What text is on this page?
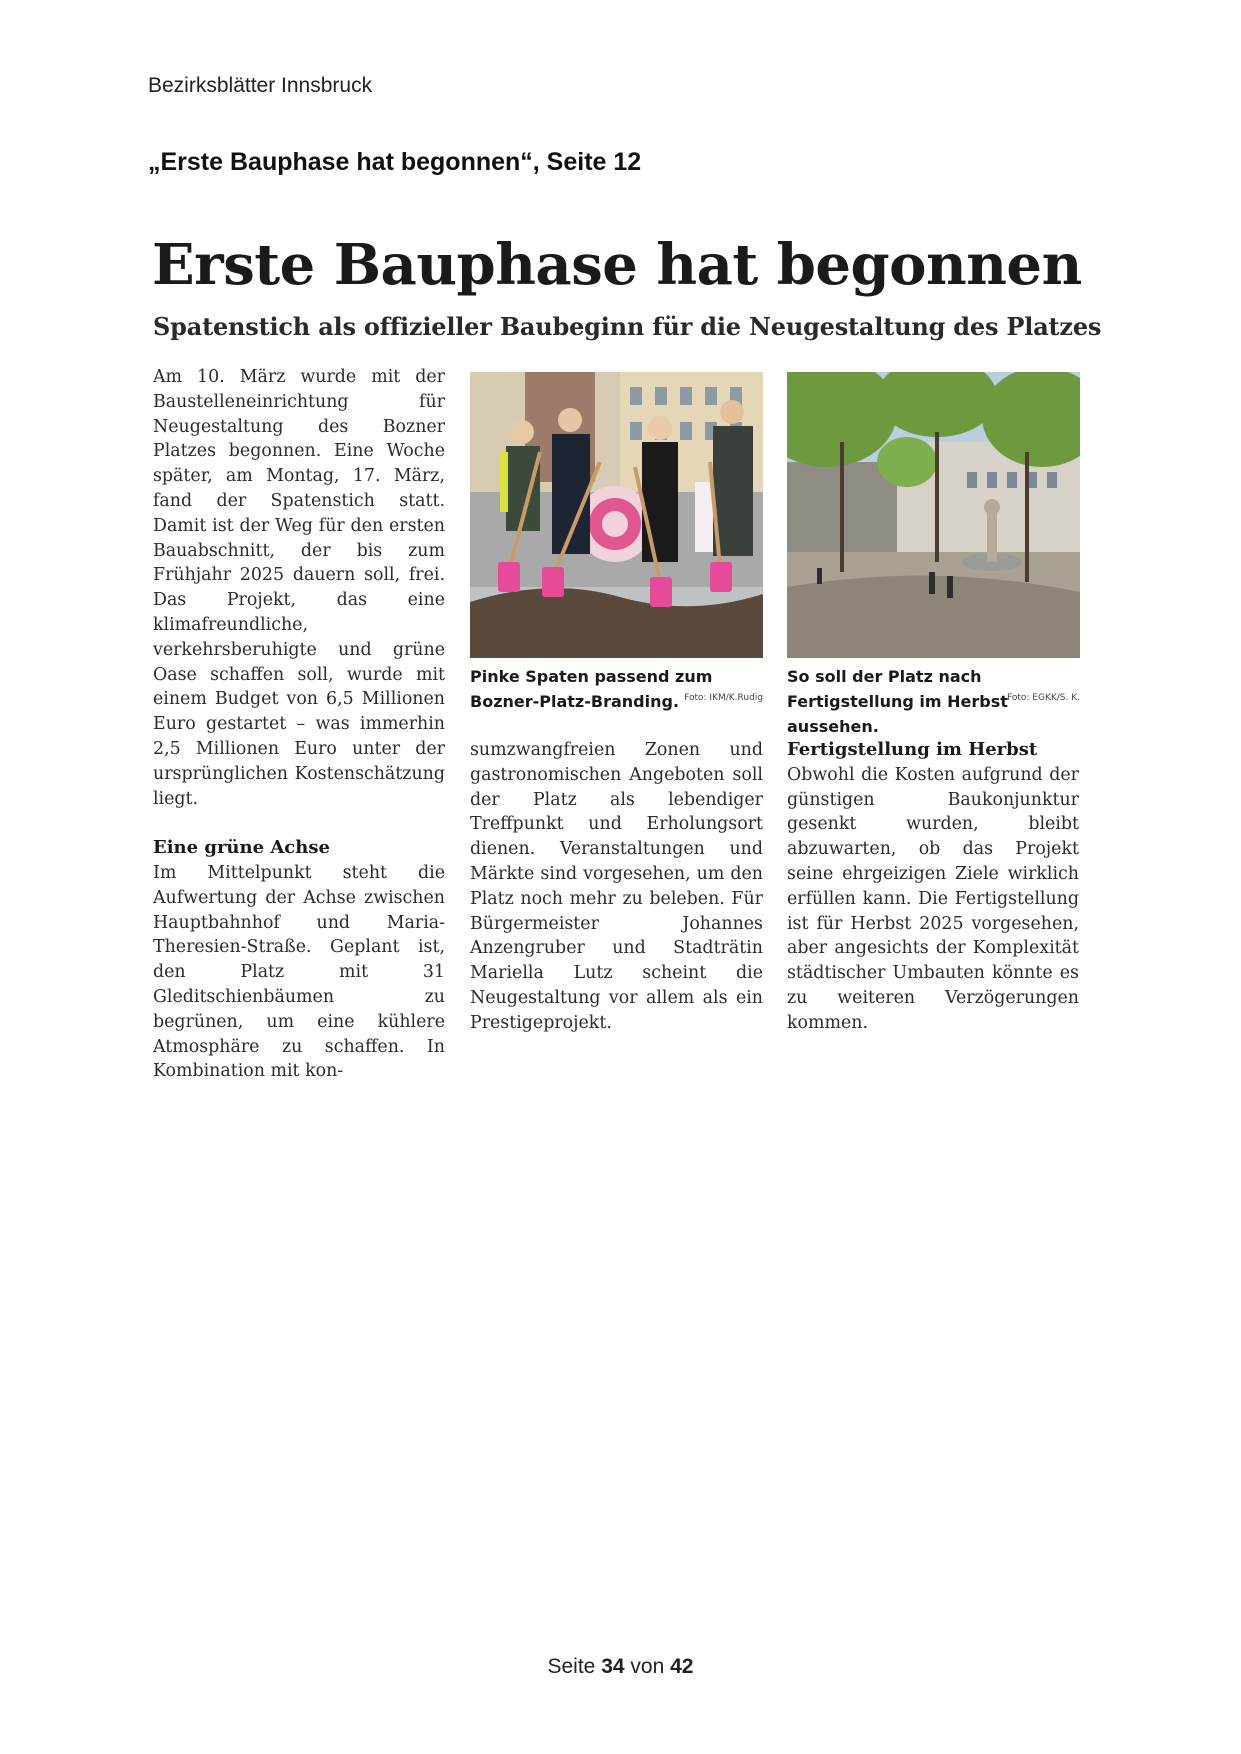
Bezirksblätter Innsbruck
„Erste Bauphase hat begonnen“, Seite 12
Erste Bauphase hat begonnen
Spatenstich als offizieller Baubeginn für die Neugestaltung des Platzes

Am 10. März wurde mit der Baustelleneinrichtung für Neugestaltung des Bozner Platzes begonnen. Eine Woche später, am Montag, 17. März, fand der Spatenstich statt. Damit ist der Weg für den ersten Bauabschnitt, der bis zum Frühjahr 2025 dauern soll, frei. Das Projekt, das eine klimafreundliche, verkehrsberuhigte und grüne Oase schaffen soll, wurde mit einem Budget von 6,5 Millionen Euro gestartet – was immerhin 2,5 Millionen Euro unter der ursprünglichen Kostenschätzung liegt.

Eine grüne Achse

Im Mittelpunkt steht die Aufwertung der Achse zwischen Hauptbahnhof und Maria-Theresien-Straße. Geplant ist, den Platz mit 31 Gleditschienbäumen zu begrünen, um eine kühlere Atmosphäre zu schaffen. In Kombination mit kon-

Pinke Spaten passend zum Bozner-Platz-Branding. Foto: IKM/K.Rudig
So soll der Platz nach Fertigstellung im Herbst aussehen.
Foto: EGKK/S. K.

sumzwangfreien Zonen und gastronomischen Angeboten soll der Platz als lebendiger Treffpunkt und Erholungsort dienen. Veranstaltungen und Märkte sind vorgesehen, um den Platz noch mehr zu beleben. Für Bürgermeister Johannes Anzengruber und Stadträtin Mariella Lutz scheint die Neugestaltung vor allem als ein Prestigeprojekt.

Fertigstellung im Herbst

Obwohl die Kosten aufgrund der günstigen Baukonjunktur gesenkt wurden, bleibt abzuwarten, ob das Projekt seine ehrgeizigen Ziele wirklich erfüllen kann. Die Fertigstellung ist für Herbst 2025 vorgesehen, aber angesichts der Komplexität städtischer Umbauten könnte es zu weiteren Verzögerungen kommen.

Seite 34 von 42
